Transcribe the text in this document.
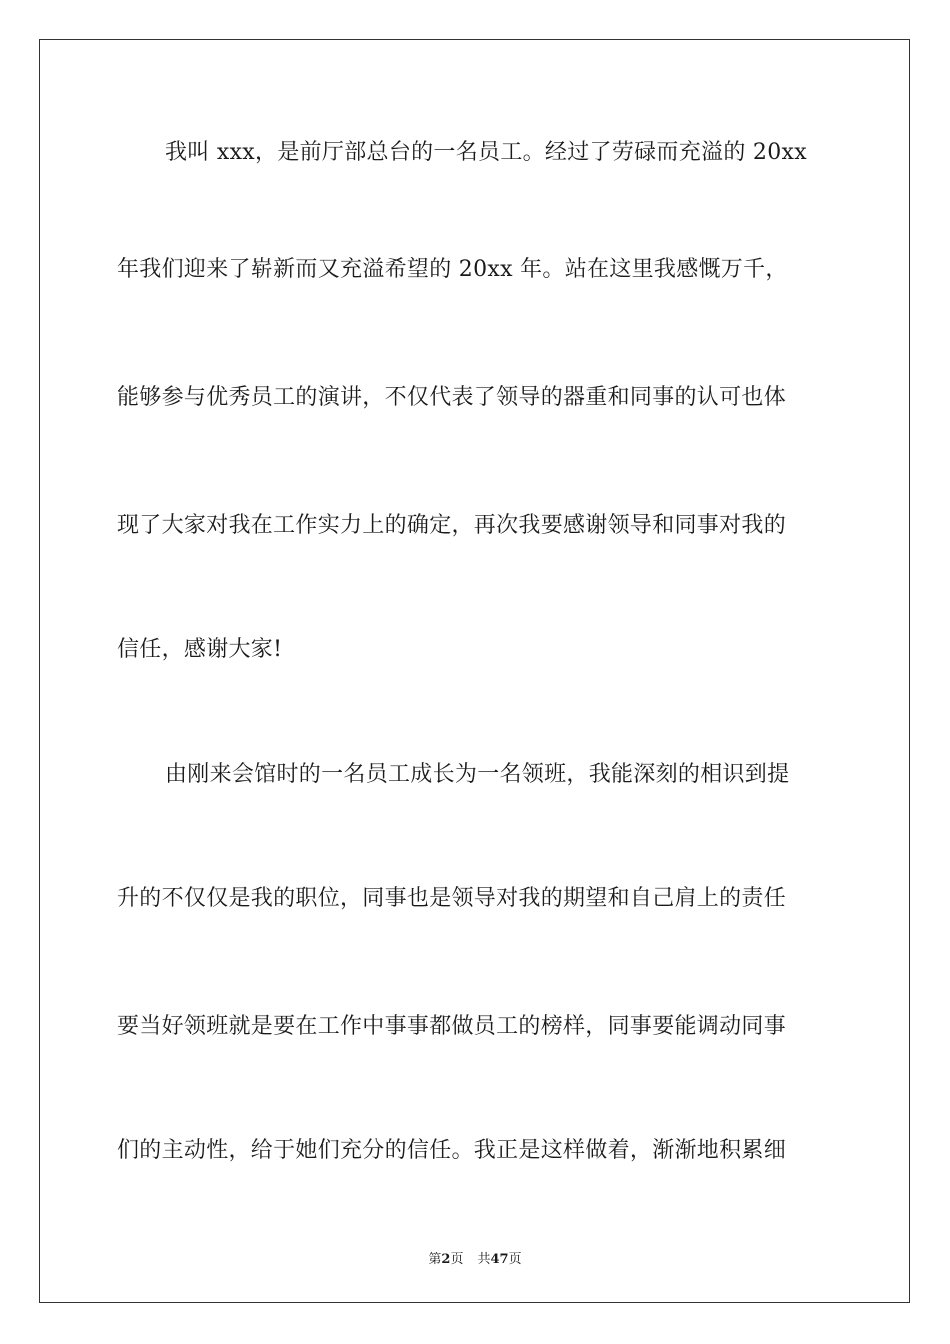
我叫 xxx，是前厅部总台的一名员工。经过了劳碌而充溢的 20xx
年我们迎来了崭新而又充溢希望的 20xx 年。站在这里我感慨万千，
能够参与优秀员工的演讲，不仅代表了领导的器重和同事的认可也体
现了大家对我在工作实力上的确定，再次我要感谢领导和同事对我的
信任，感谢大家!
由刚来会馆时的一名员工成长为一名领班，我能深刻的相识到提
升的不仅仅是我的职位，同事也是领导对我的期望和自己肩上的责任
要当好领班就是要在工作中事事都做员工的榜样，同事要能调动同事
们的主动性，给于她们充分的信任。我正是这样做着，渐渐地积累细
第2页 共47页
